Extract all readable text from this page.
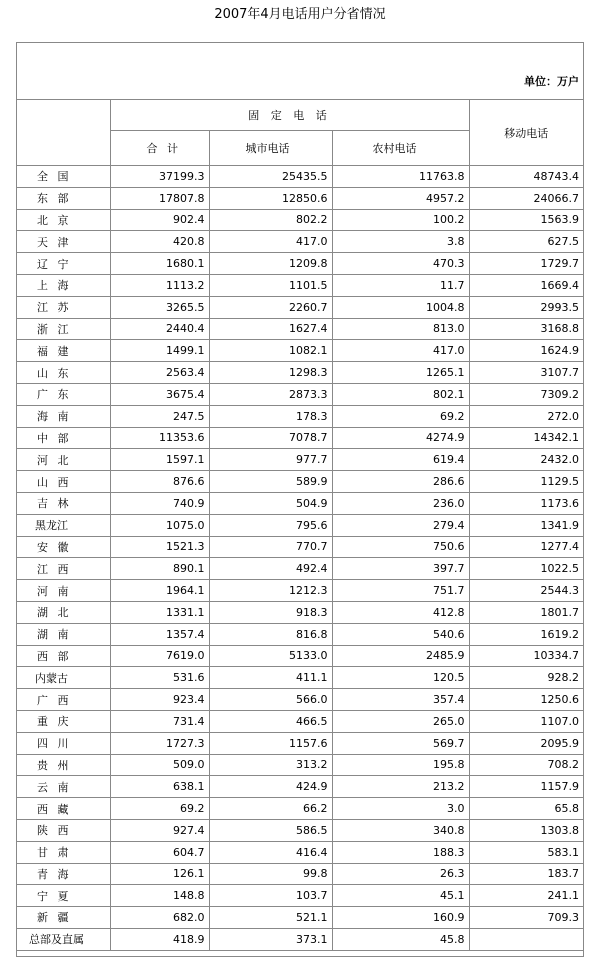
2007年4月电话用户分省情况
单位：万户
	固 定 电 话			移动电话
	合 计	城市电话	农村电话	
全 国	37199.3	25435.5	11763.8	48743.4
东 部	17807.8	12850.6	4957.2	24066.7
北 京	902.4	802.2	100.2	1563.9
天 津	420.8	417.0	3.8	627.5
辽 宁	1680.1	1209.8	470.3	1729.7
上 海	1113.2	1101.5	11.7	1669.4
江 苏	3265.5	2260.7	1004.8	2993.5
浙 江	2440.4	1627.4	813.0	3168.8
福 建	1499.1	1082.1	417.0	1624.9
山 东	2563.4	1298.3	1265.1	3107.7
广 东	3675.4	2873.3	802.1	7309.2
海 南	247.5	178.3	69.2	272.0
中 部	11353.6	7078.7	4274.9	14342.1
河 北	1597.1	977.7	619.4	2432.0
山 西	876.6	589.9	286.6	1129.5
吉 林	740.9	504.9	236.0	1173.6
黑龙江	1075.0	795.6	279.4	1341.9
安 徽	1521.3	770.7	750.6	1277.4
江 西	890.1	492.4	397.7	1022.5
河 南	1964.1	1212.3	751.7	2544.3
湖 北	1331.1	918.3	412.8	1801.7
湖 南	1357.4	816.8	540.6	1619.2
西 部	7619.0	5133.0	2485.9	10334.7
内蒙古	531.6	411.1	120.5	928.2
广 西	923.4	566.0	357.4	1250.6
重 庆	731.4	466.5	265.0	1107.0
四 川	1727.3	1157.6	569.7	2095.9
贵 州	509.0	313.2	195.8	708.2
云 南	638.1	424.9	213.2	1157.9
西 藏	69.2	66.2	3.0	65.8
陕 西	927.4	586.5	340.8	1303.8
甘 肃	604.7	416.4	188.3	583.1
青 海	126.1	99.8	26.3	183.7
宁 夏	148.8	103.7	45.1	241.1
新 疆	682.0	521.1	160.9	709.3
总部及直属	418.9	373.1	45.8	
